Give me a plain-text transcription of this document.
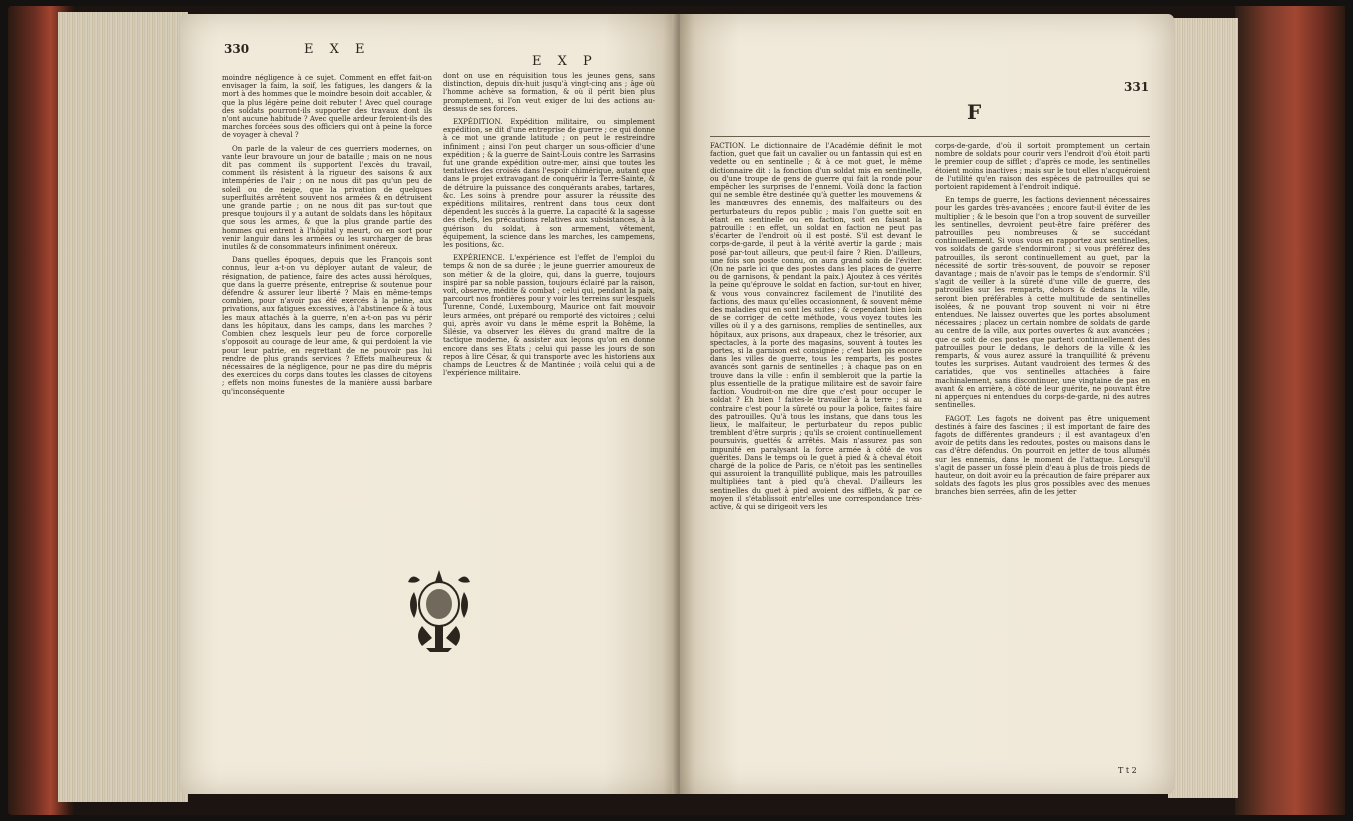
330	E X E
E X P

moindre négligence à ce sujet. Comment en effet fait-on envisager la faim, la soif, les fatigues, les dangers & la mort à des hommes que le moindre besoin doit accabler, & que la plus légère peine doit rebuter ! Avec quel courage des soldats pourront-ils supporter des travaux dont ils n'ont aucune habitude ? Avec quelle ardeur feroient-ils des marches forcées sous des officiers qui ont à peine la force de voyager à cheval ?

On parle de la valeur de ces guerriers modernes, on vante leur bravoure un jour de bataille ; mais on ne nous dit pas comment ils supportent l'excès du travail, comment ils résistent à la rigueur des saisons & aux intempéries de l'air ; on ne nous dit pas qu'un peu de soleil ou de neige, que la privation de quelques superfluités arrêtent souvent nos armées & en détruisent une grande partie ; on ne nous dit pas sur-tout que presque toujours il y a autant de soldats dans les hôpitaux que sous les armes, & que la plus grande partie des hommes qui entrent à l'hôpital y meurt, ou en sort pour venir languir dans les armées ou les surcharger de bras inutiles & de consommateurs infiniment onéreux.

Dans quelles époques, depuis que les François sont connus, leur a-t-on vu déployer autant de valeur, de résignation, de patience, faire des actes aussi héroïques, que dans la guerre présente, entreprise & soutenue pour défendre & assurer leur liberté ? Mais en même-temps combien, pour n'avoir pas été exercés à la peine, aux privations, aux fatigues excessives, à l'abstinence & à tous les maux attachés à la guerre, n'en a-t-on pas vu périr dans les hôpitaux, dans les camps, dans les marches ? Combien chez lesquels leur peu de force corporelle s'opposoit au courage de leur ame, & qui perdoient la vie pour leur patrie, en regrettant de ne pouvoir pas lui rendre de plus grands services ? Effets malheureux & nécessaires de la négligence, pour ne pas dire du mépris des exercices du corps dans toutes les classes de citoyens ; effets non moins funestes de la manière aussi barbare qu'inconséquente

dont on use en réquisition tous les jeunes gens, sans distinction, depuis dix-huit jusqu'à vingt-cinq ans ; âge où l'homme achève sa formation, & où il périt bien plus promptement, si l'on veut exiger de lui des actions au-dessus de ses forces.

EXPÉDITION. Expédition militaire, ou simplement expédition, se dit d'une entreprise de guerre ; ce qui donne à ce mot une grande latitude ; on peut le restreindre infiniment ; ainsi l'on peut charger un sous-officier d'une expédition ; & la guerre de Saint-Louis contre les Sarrasins fut une grande expédition outre-mer, ainsi que toutes les tentatives des croisés dans l'espoir chimérique, autant que dans le projet extravagant de conquérir la Terre-Sainte, & de détruire la puissance des conquérants arabes, tartares, &c. Les soins à prendre pour assurer la réussite des expéditions militaires, rentrent dans tous ceux dont dépendent les succès à la guerre. La capacité & la sagesse des chefs, les précautions relatives aux subsistances, à la guérison du soldat, à son armement, vêtement, équipement, la science dans les marches, les campemens, les positions, &c.

EXPÉRIENCE. L'expérience est l'effet de l'emploi du temps & non de sa durée ; le jeune guerrier amoureux de son métier & de la gloire, qui, dans la guerre, toujours inspiré par sa noble passion, toujours éclairé par la raison, voit, observe, médite & combat ; celui qui, pendant la paix, parcourt nos frontières pour y voir les terreins sur lesquels Turenne, Condé, Luxembourg, Maurice ont fait mouvoir leurs armées, ont préparé ou remporté des victoires ; celui qui, après avoir vu dans le même esprit la Bohême, la Silésie, va observer les élèves du grand maître de la tactique moderne, & assister aux leçons qu'on en donne encore dans ses Etats ; celui qui passe les jours de son repos à lire César, & qui transporte avec les historiens aux champs de Leuctres & de Mantinée ; voilà celui qui a de l'expérience militaire.

331
F

FACTION. Le dictionnaire de l'Académie définit le mot faction, guet que fait un cavalier ou un fantassin qui est en vedette ou en sentinelle ; & à ce mot guet, le même dictionnaire dit : la fonction d'un soldat mis en sentinelle, ou d'une troupe de gens de guerre qui fait la ronde pour empêcher les surprises de l'ennemi. Voilà donc la faction qui ne semble être destinée qu'à guetter les mouvemens & les manœuvres des ennemis, des malfaiteurs ou des perturbateurs du repos public ; mais l'on guette soit en étant en sentinelle ou en faction, soit en faisant la patrouille : en effet, un soldat en faction ne peut pas s'écarter de l'endroit où il est posté. S'il est devant le corps-de-garde, il peut à la vérité avertir la garde ; mais posé par-tout ailleurs, que peut-il faire ? Rien. D'ailleurs, une fois son poste connu, on aura grand soin de l'éviter. (On ne parle ici que des postes dans les places de guerre ou de garnisons, & pendant la paix.) Ajoutez à ces vérités la peine qu'éprouve le soldat en faction, sur-tout en hiver, & vous vous convaincrez facilement de l'inutilité des factions, des maux qu'elles occasionnent, & souvent même des maladies qui en sont les suites ; & cependant bien loin de se corriger de cette méthode, vous voyez toutes les villes où il y a des garnisons, remplies de sentinelles, aux hôpitaux, aux prisons, aux drapeaux, chez le trésorier, aux spectacles, à la porte des magasins, souvent à toutes les portes, si la garnison est consignée ; c'est bien pis encore dans les villes de guerre, tous les remparts, les postes avancés sont garnis de sentinelles ; à chaque pas on en trouve dans la ville : enfin il sembleroit que la partie la plus essentielle de la pratique militaire est de savoir faire faction. Voudroit-on me dire que c'est pour occuper le soldat ? Eh bien ! faites-le travailler à la terre ; si au contraire c'est pour la sûreté ou pour la police, faites faire des patrouilles. Qu'à tous les instans, que dans tous les lieux, le malfaiteur, le perturbateur du repos public tremblent d'être surpris ; qu'ils se croient continuellement poursuivis, guettés & arrêtés. Mais n'assurez pas son impunité en paralysant la force armée à côté de vos guérites. Dans le temps où le guet à pied & à cheval étoit chargé de la police de Paris, ce n'étoit pas les sentinelles qui assuroient la tranquillité publique, mais les patrouilles multipliées tant à pied qu'à cheval. D'ailleurs les sentinelles du guet à pied avoient des sifflets, & par ce moyen il s'établissoit entr'elles une correspondance très-active, & qui se dirigeoit vers les

corps-de-garde, d'où il sortoit promptement un certain nombre de soldats pour courir vers l'endroit d'où étoit parti le premier coup de sifflet ; d'après ce mode, les sentinelles étoient moins inactives ; mais sur le tout elles n'acquéroient de l'utilité qu'en raison des espèces de patrouilles qui se portoient rapidement à l'endroit indiqué.

En temps de guerre, les factions deviennent nécessaires pour les gardes très-avancées ; encore faut-il éviter de les multiplier ; & le besoin que l'on a trop souvent de surveiller les sentinelles, devroient peut-être faire préférer des patrouilles peu nombreuses & se succédant continuellement. Si vous vous en rapportez aux sentinelles, vos soldats de garde s'endormiront ; si vous préférez des patrouilles, ils seront continuellement au guet, par la nécessité de sortir très-souvent, de pouvoir se reposer davantage ; mais de n'avoir pas le temps de s'endormir. S'il s'agit de veiller à la sûreté d'une ville de guerre, des patrouilles sur les remparts, dehors & dedans la ville, seront bien préférables à cette multitude de sentinelles isolées, & ne pouvant trop souvent ni voir ni être entendues. Ne laissez ouvertes que les portes absolument nécessaires ; placez un certain nombre de soldats de garde au centre de la ville, aux portes ouvertes & aux avancées ; que ce soit de ces postes que partent continuellement des patrouilles pour le dedans, le dehors de la ville & les remparts, & vous aurez assuré la tranquillité & prévenu toutes les surprises. Autant vaudroient des termes & des cariatides, que vos sentinelles attachées à faire machinalement, sans discontinuer, une vingtaine de pas en avant & en arrière, à côté de leur guérite, ne pouvant être ni apperçues ni entendues du corps-de-garde, ni des autres sentinelles.

FAGOT. Les fagots ne doivent pas être uniquement destinés à faire des fascines ; il est important de faire des fagots de différentes grandeurs ; il est avantageux d'en avoir de petits dans les redoutes, postes ou maisons dans le cas d'être défendus. On pourroit en jetter de tous allumés sur les ennemis, dans le moment de l'attaque. Lorsqu'il s'agit de passer un fossé plein d'eau à plus de trois pieds de hauteur, on doit avoir eu la précaution de faire préparer aux soldats des fagots les plus gros possibles avec des menues branches bien serrées, afin de les jetter

T t 2
